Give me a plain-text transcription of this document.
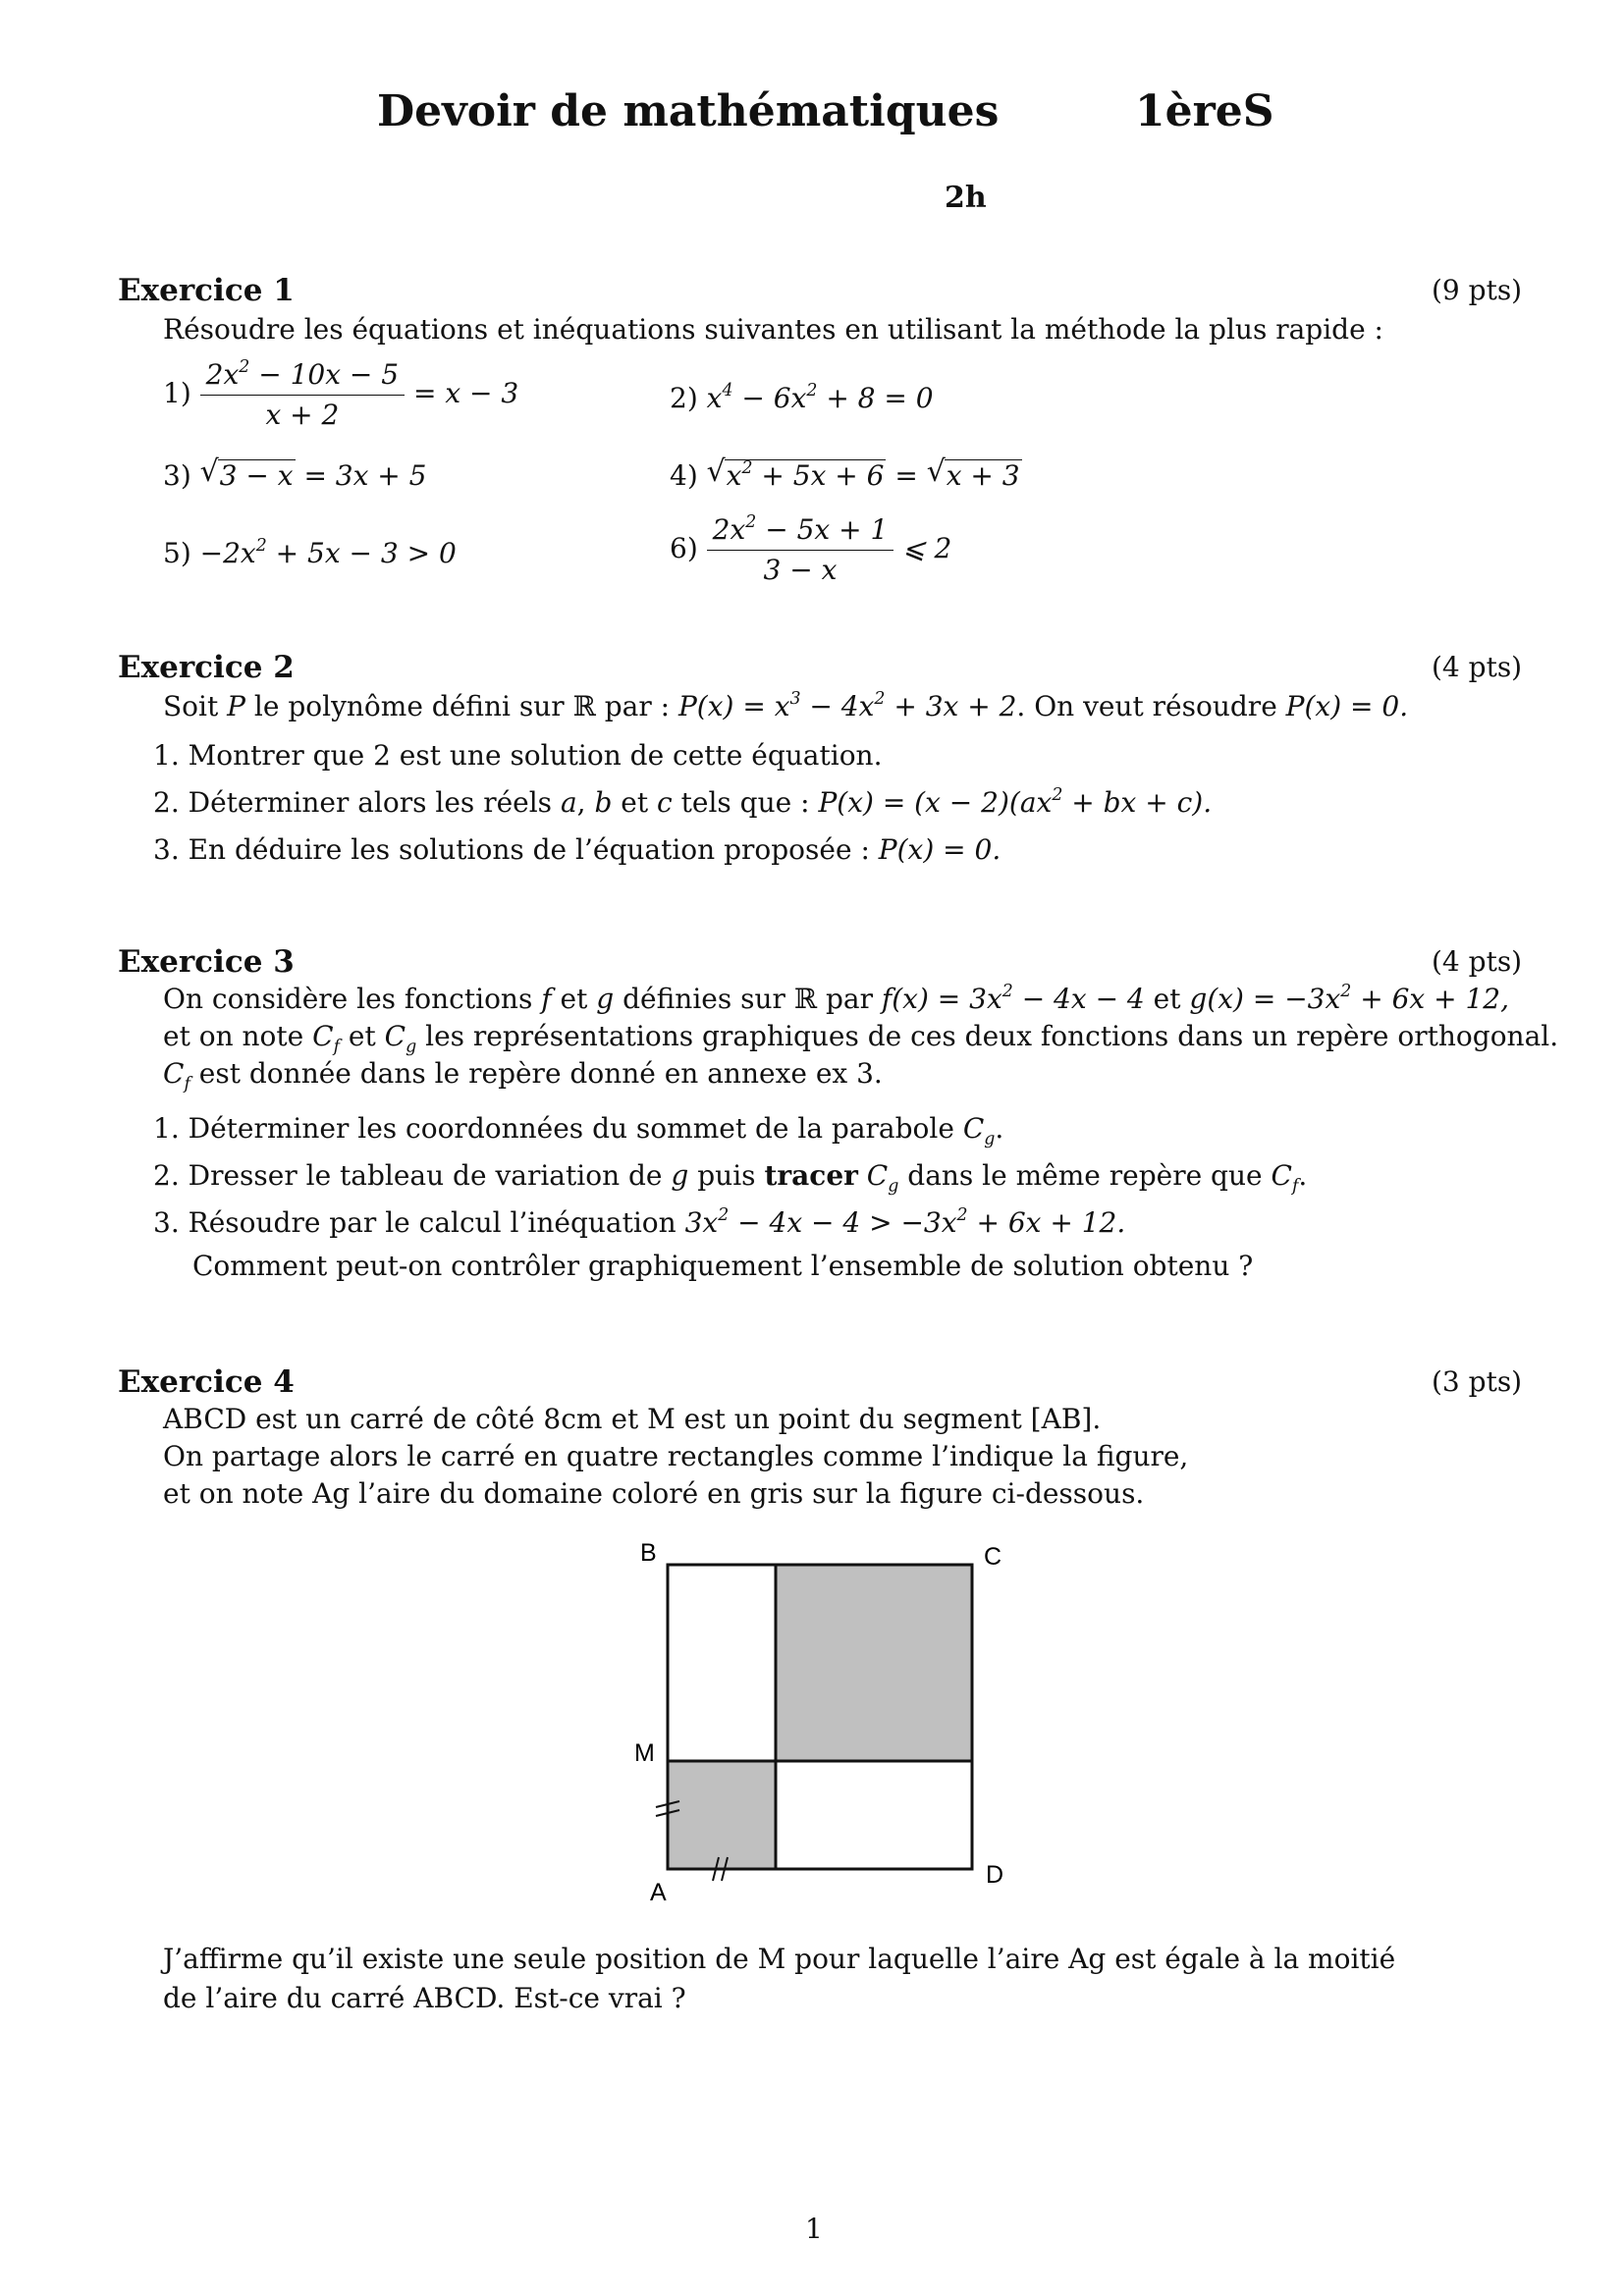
Devoir de mathématiques	1èreS
2h
Exercice 1	(9 pts)
Résoudre les équations et inéquations suivantes en utilisant la méthode la plus rapide :
$1) \frac{2x^2 - 10x - 5}{x + 2} = x - 3$	2) $x^4 - 6x^2 + 8 = 0$
3) √ 3 − x = 3x + 5	4) √ $x^2 + 5x + 6$ = √ x + 3
$5) -2x^2 + 5x - 3 > 0$	$6) \frac{2x^2 - 5x + 1}{3 - x}$ ⩽ 2
Exercice 2	(4 pts)
Soit P le polynôme défini sur ℝ par : $P(x) = x^3 - 4x^2 + 3x + 2$. On veut résoudre P(x) = 0.
1. Montrer que 2 est une solution de cette équation.
2. Déterminer alors les réels a, b et c tels que : $P(x) = (x - 2)(ax^2$ + bx + c).
3. En déduire les solutions de l’équation proposée : P(x) = 0.
Exercice 3	(4 pts)
On considère les fonctions f et g définies sur ℝ par $f(x) = 3x^2 - 4x - 4$ et $g(x) = -3x^2 + 6x + 12$,
et on note $C_f$ et $C_g$ les représentations graphiques de ces deux fonctions dans un repère orthogonal.
$C_f$ est donnée dans le repère donné en annexe ex 3.
1. Déterminer les coordonnées du sommet de la parabole $C_g$.
2. Dresser le tableau de variation de g puis tracer $C_g$ dans le même repère que $C_f$.
3. Résoudre par le calcul l’inéquation $3x^2 - 4x - 4 > -3x^2 + 6x + 12$.
Comment peut-on contrôler graphiquement l’ensemble de solution obtenu ?
Exercice 4	(3 pts)
ABCD est un carré de côté 8cm et M est un point du segment [AB].
On partage alors le carré en quatre rectangles comme l’indique la figure,
et on note Ag l’aire du domaine coloré en gris sur la figure ci-dessous.
B	C
M
A
D
J’affirme qu’il existe une seule position de M pour laquelle l’aire Ag est égale à la moitié
de l’aire du carré ABCD. Est-ce vrai ?
1
